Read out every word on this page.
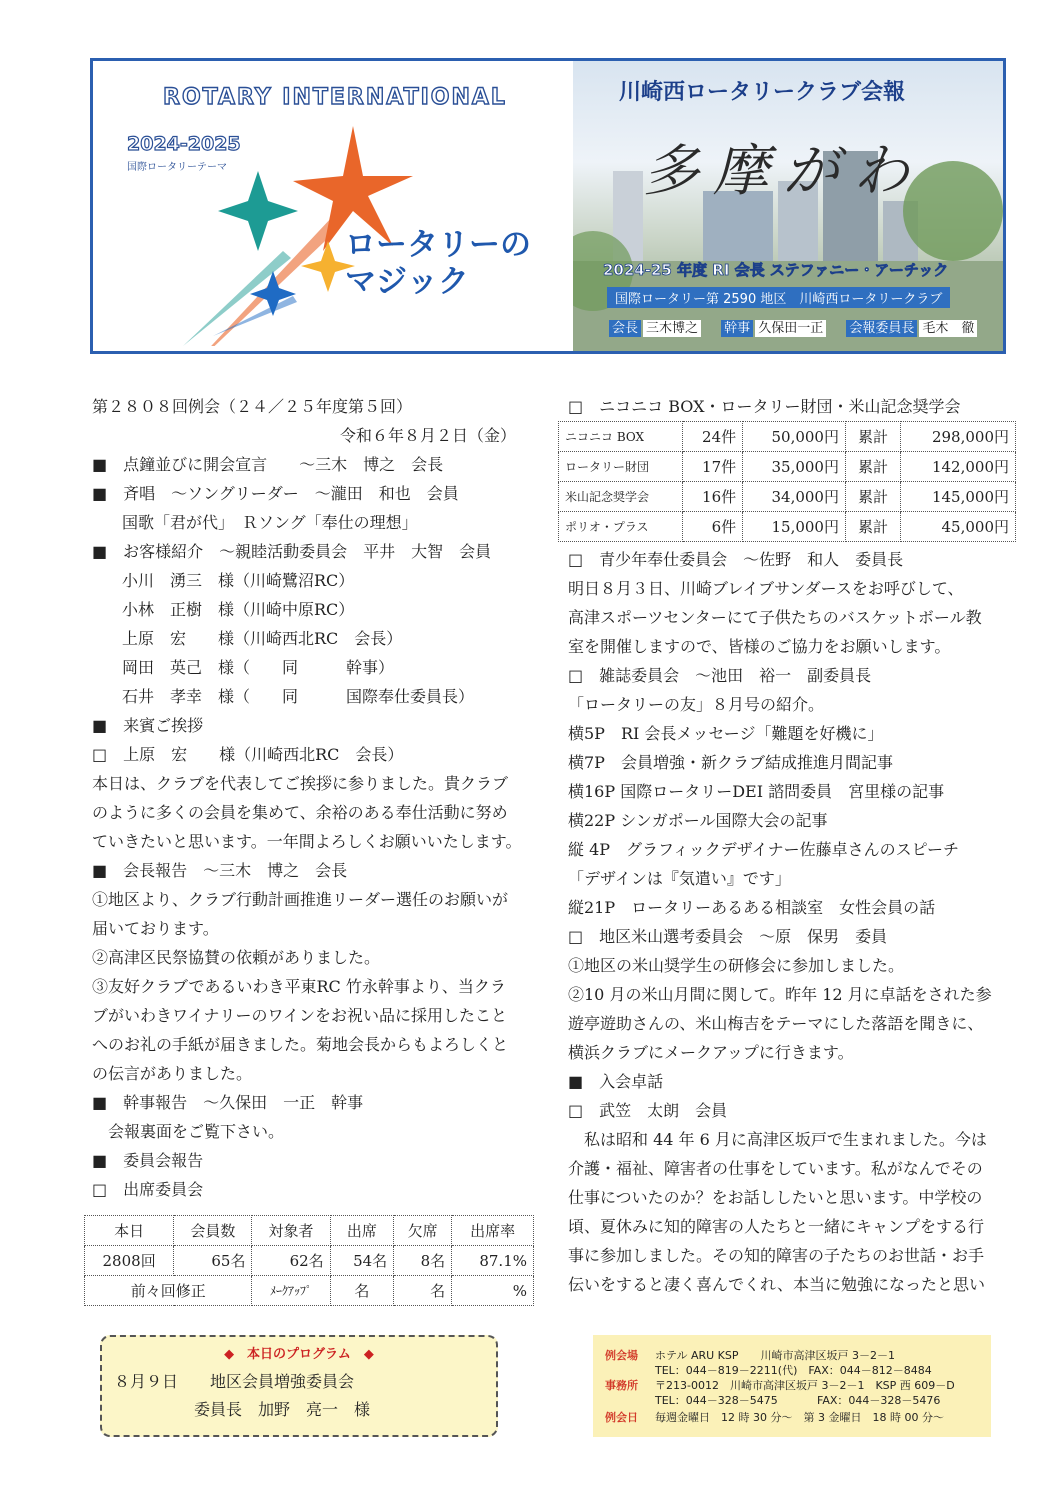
ROTARY INTERNATIONAL
2024-2025
国際ロータリーテーマ
ロータリーの
マジック
川崎西ロータリークラブ会報
多摩がわ
2024-25 年度 RI 会長 ステファニー・アーチック
国際ロータリー第 2590 地区　川崎西ロータリークラブ
会長 三木博之 幹事 久保田一正 会報委員長 毛木　徹
第２８０８回例会（２４／２５年度第５回）
令和６年８月２日（金）
■　点鐘並びに開会宣言　　～三木　博之　会長
■　斉唱　～ソングリーダー　～瀧田　和也　会員
国歌「君が代」　Ｒソング「奉仕の理想」
■　お客様紹介　～親睦活動委員会　平井　大智　会員
小川　湧三　様（川崎鷺沼RC）
小林　正樹　様（川崎中原RC）
上原　宏　　様（川崎西北RC　会長）
岡田　英己　様（　　同　　　幹事）
石井　孝幸　様（　　同　　　国際奉仕委員長）
■　来賓ご挨拶
□　上原　宏　　様（川崎西北RC　会長）
本日は、クラブを代表してご挨拶に参りました。貴クラブ
のように多くの会員を集めて、余裕のある奉仕活動に努め
ていきたいと思います。一年間よろしくお願いいたします。
■　会長報告　～三木　博之　会長
①地区より、クラブ行動計画推進リーダー選任のお願いが
届いております。
②高津区民祭協賛の依頼がありました。
③友好クラブであるいわき平東RC 竹永幹事より、当クラ
ブがいわきワイナリーのワインをお祝い品に採用したこと
へのお礼の手紙が届きました。菊地会長からもよろしくと
の伝言がありました。
■　幹事報告　～久保田　一正　幹事
会報裏面をご覧下さい。
■　委員会報告
□　出席委員会
本日	会員数	対象者	出席	欠席	出席率
2808回	65名	62名	54名	8名	87.1%
前々回修正		ﾒｰｸｱｯﾌﾟ	名	名	%
□　ニコニコ BOX・ロータリー財団・米山記念奨学会
ニコニコ BOX	24件	50,000円	累計	298,000円
ロータリー財団	17件	35,000円	累計	142,000円
米山記念奨学会	16件	34,000円	累計	145,000円
ポリオ・プラス	6件	15,000円	累計	45,000円
□　青少年奉仕委員会　～佐野　和人　委員長
明日８月３日、川崎ブレイブサンダースをお呼びして、
高津スポーツセンターにて子供たちのバスケットボール教
室を開催しますので、皆様のご協力をお願いします。
□　雑誌委員会　～池田　裕一　副委員長
「ロータリーの友」８月号の紹介。
横5P　RI 会長メッセージ「難題を好機に」
横7P　会員増強・新クラブ結成推進月間記事
横16P 国際ロータリーDEI 諮問委員　宮里様の記事
横22P シンガポール国際大会の記事
縦 4P　グラフィックデザイナー佐藤卓さんのスピーチ
「デザインは『気遣い』です」
縦21P　ロータリーあるある相談室　女性会員の話
□　地区米山選考委員会　～原　保男　委員
①地区の米山奨学生の研修会に参加しました。
②10 月の米山月間に関して。昨年 12 月に卓話をされた参
遊亭遊助さんの、米山梅吉をテーマにした落語を聞きに、
横浜クラブにメークアップに行きます。
■　入会卓話
□　武笠　太朗　会員
　私は昭和 44 年 6 月に高津区坂戸で生まれました。今は
介護・福祉、障害者の仕事をしています。私がなんでその
仕事についたのか？をお話ししたいと思います。中学校の
頃、夏休みに知的障害の人たちと一緒にキャンプをする行
事に参加しました。その知的障害の子たちのお世話・お手
伝いをすると凄く喜んでくれ、本当に勉強になったと思い
◆　本日のプログラム　◆
８月９日 地区会員増強委員会
委員長　加野　亮一　様
例会場 ホテル ARU KSP　　川崎市高津区坂戸 3－2－1
TEL：044－819－2211(代)　FAX：044－812－8484
事務所 〒213-0012　川崎市高津区坂戸 3－2－1　KSP 西 609－D
TEL：044－328－5475	FAX：044－328－5476
例会日 毎週金曜日　12 時 30 分～　第 3 金曜日　18 時 00 分～
